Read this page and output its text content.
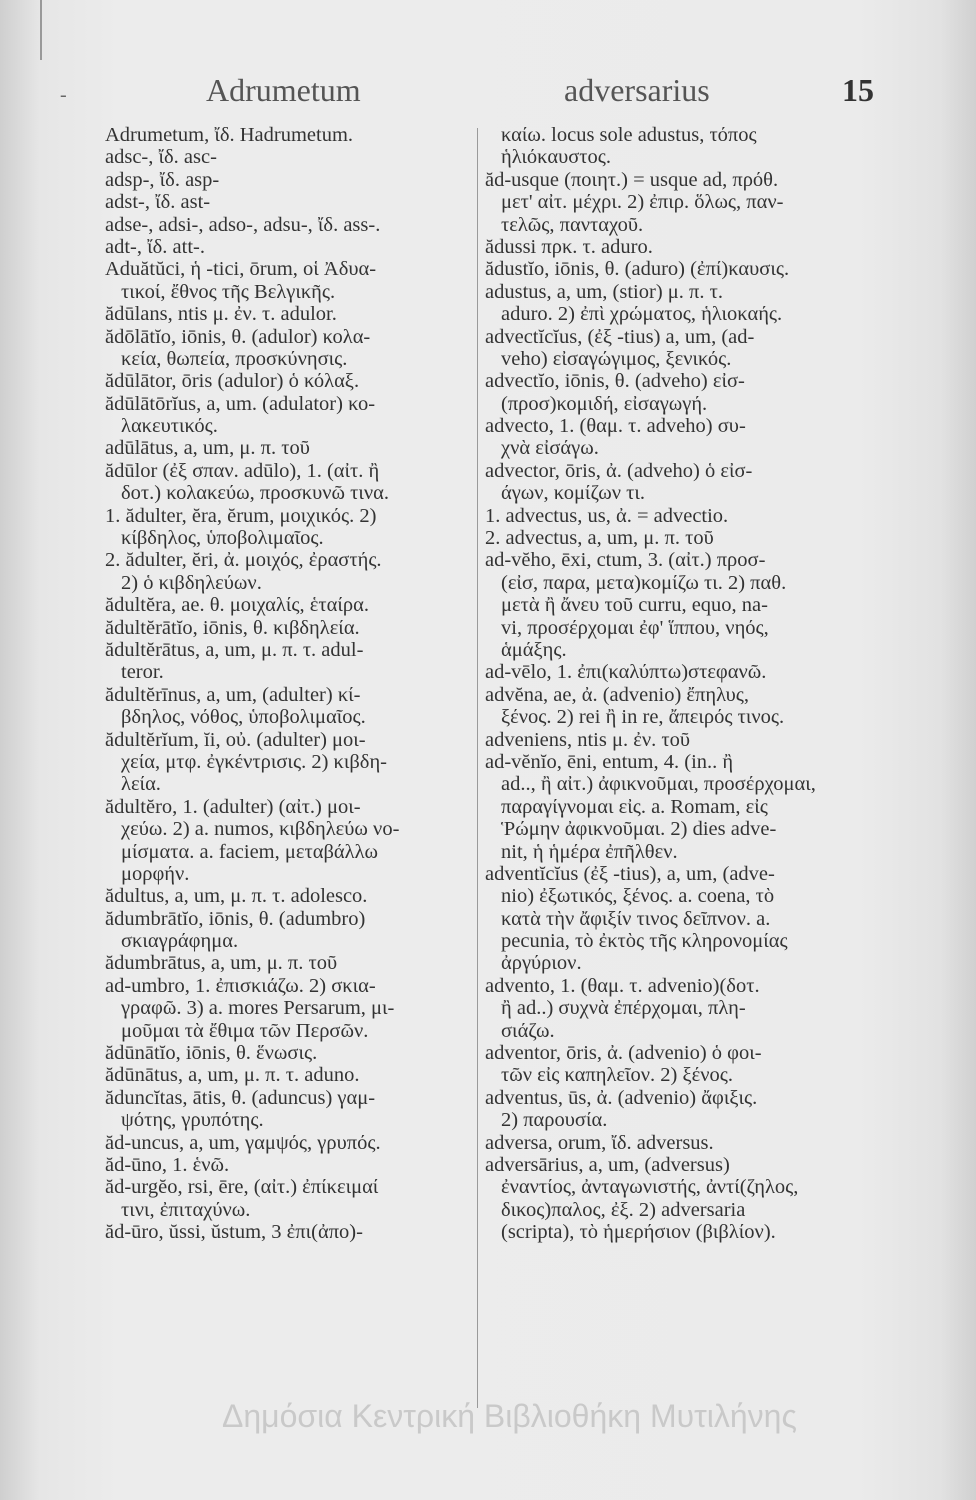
-	Adrumetum	adversarius	15
Adrumetum, ἴδ. Hadrumetum.
adsc-, ἴδ. asc-
adsp-, ἴδ. asp-
adst-, ἴδ. ast-
adse-, adsi-, adso-, adsu-, ἴδ. ass-.
adt-, ἴδ. att-.
Aduătŭci, ἡ -tici, ōrum, οἱ Ἀδυα-
τικοί, ἔθνος τῆς Βελγικῆς.
ădūlans, ntis μ. ἐν. τ. adulor.
ădōlātĭo, iōnis, θ. (adulor) κολα-
κεία, θωπεία, προσκύνησις.
ădūlātor, ōris (adulor) ὁ κόλαξ.
ădūlātōrĭus, a, um. (adulator) κο-
λακευτικός.
adūlātus, a, um, μ. π. τοῦ
ădūlor (ἐξ σπαν. adūlo), 1. (αἰτ. ἢ
δοτ.) κολακεύω, προσκυνῶ τινα.
1. ădulter, ĕra, ĕrum, μοιχικός. 2)
κίβδηλος, ὑποβολιμαῖος.
2. ădulter, ĕri, ἀ. μοιχός, ἐραστής.
2) ὁ κιβδηλεύων.
ădultĕra, ae. θ. μοιχαλίς, ἑταίρα.
ădultĕrātĭo, iōnis, θ. κιβδηλεία.
ădultĕrātus, a, um, μ. π. τ. adul-
teror.
ădultĕrīnus, a, um, (adulter) κί-
βδηλος, νόθος, ὑποβολιμαῖος.
ădultĕrĭum, ĭi, οὐ. (adulter) μοι-
χεία, μτφ. ἐγκέντρισις. 2) κιβδη-
λεία.
ădultĕro, 1. (adulter) (αἰτ.) μοι-
χεύω. 2) a. numos, κιβδηλεύω νο-
μίσματα. a. faciem, μεταβάλλω
μορφήν.
ădultus, a, um, μ. π. τ. adolesco.
ădumbrātĭo, iōnis, θ. (adumbro)
σκιαγράφημα.
ădumbrātus, a, um, μ. π. τοῦ
ad-umbro, 1. ἐπισκιάζω. 2) σκια-
γραφῶ. 3) a. mores Persarum, μι-
μοῦμαι τὰ ἔθιμα τῶν Περσῶν.
ădūnātĭo, iōnis, θ. ἕνωσις.
ădūnātus, a, um, μ. π. τ. aduno.
ăduncĭtas, ātis, θ. (aduncus) γαμ-
ψότης, γρυπότης.
ăd-uncus, a, um, γαμψός, γρυπός.
ăd-ūno, 1. ἑνῶ.
ăd-urgĕo, rsi, ēre, (αἰτ.) ἐπίκειμαί
τινι, ἐπιταχύνω.
ăd-ūro, ŭssi, ŭstum, 3 ἐπι(ἀπο)-
καίω. locus sole adustus, τόπος
ἡλιόκαυστος.
ăd-usque (ποιητ.) = usque ad, πρόθ.
μετ' αἰτ. μέχρι. 2) ἐπιρ. ὅλως, παν-
τελῶς, πανταχοῦ.
ădussi πρκ. τ. aduro.
ădustĭo, iōnis, θ. (aduro) (ἐπί)καυσις.
adustus, a, um, (stior) μ. π. τ.
aduro. 2) ἐπὶ χρώματος, ἡλιοκαής.
advectĭcĭus, (ἐξ -tius) a, um, (ad-
veho) εἰσαγώγιμος, ξενικός.
advectĭo, iōnis, θ. (adveho) εἰσ-
(προσ)κομιδή, εἰσαγωγή.
advecto, 1. (θαμ. τ. adveho) συ-
χνὰ εἰσάγω.
advector, ōris, ἀ. (adveho) ὁ εἰσ-
άγων, κομίζων τι.
1. advectus, us, ἀ. = advectio.
2. advectus, a, um, μ. π. τοῦ
ad-vĕho, ēxi, ctum, 3. (αἰτ.) προσ-
(εἰσ, παρα, μετα)κομίζω τι. 2) παθ.
μετὰ ἢ ἄνευ τοῦ curru, equo, na-
vi, προσέρχομαι ἐφ' ἵππου, νηός,
ἁμάξης.
ad-vēlo, 1. ἐπι(καλύπτω)στεφανῶ.
advĕna, ae, ἀ. (advenio) ἔπηλυς,
ξένος. 2) rei ἢ in re, ἄπειρός τινος.
adveniens, ntis μ. ἐν. τοῦ
ad-vĕnĭo, ēni, entum, 4. (in.. ἢ
ad.., ἢ αἰτ.) ἀφικνοῦμαι, προσέρχομαι,
παραγίγνομαι εἰς. a. Romam, εἰς
Ῥώμην ἀφικνοῦμαι. 2) dies adve-
nit, ἡ ἡμέρα ἐπῆλθεν.
adventĭcĭus (ἐξ -tius), a, um, (adve-
nio) ἐξωτικός, ξένος. a. coena, τὸ
κατὰ τὴν ἄφιξίν τινος δεῖπνον. a.
pecunia, τὸ ἐκτὸς τῆς κληρονομίας
ἀργύριον.
advento, 1. (θαμ. τ. advenio)(δοτ.
ἢ ad..) συχνὰ ἐπέρχομαι, πλη-
σιάζω.
adventor, ōris, ἀ. (advenio) ὁ φοι-
τῶν εἰς καπηλεῖον. 2) ξένος.
adventus, ūs, ἀ. (advenio) ἄφιξις.
2) παρουσία.
adversa, orum, ἴδ. adversus.
adversārius, a, um, (adversus)
ἐναντίος, ἀνταγωνιστής, ἀντί(ζηλος,
δικος)παλος, ἐξ. 2) adversaria
(scripta), τὸ ἡμερήσιον (βιβλίον).
Δημόσια Κεντρική Βιβλιοθήκη Μυτιλήνης
